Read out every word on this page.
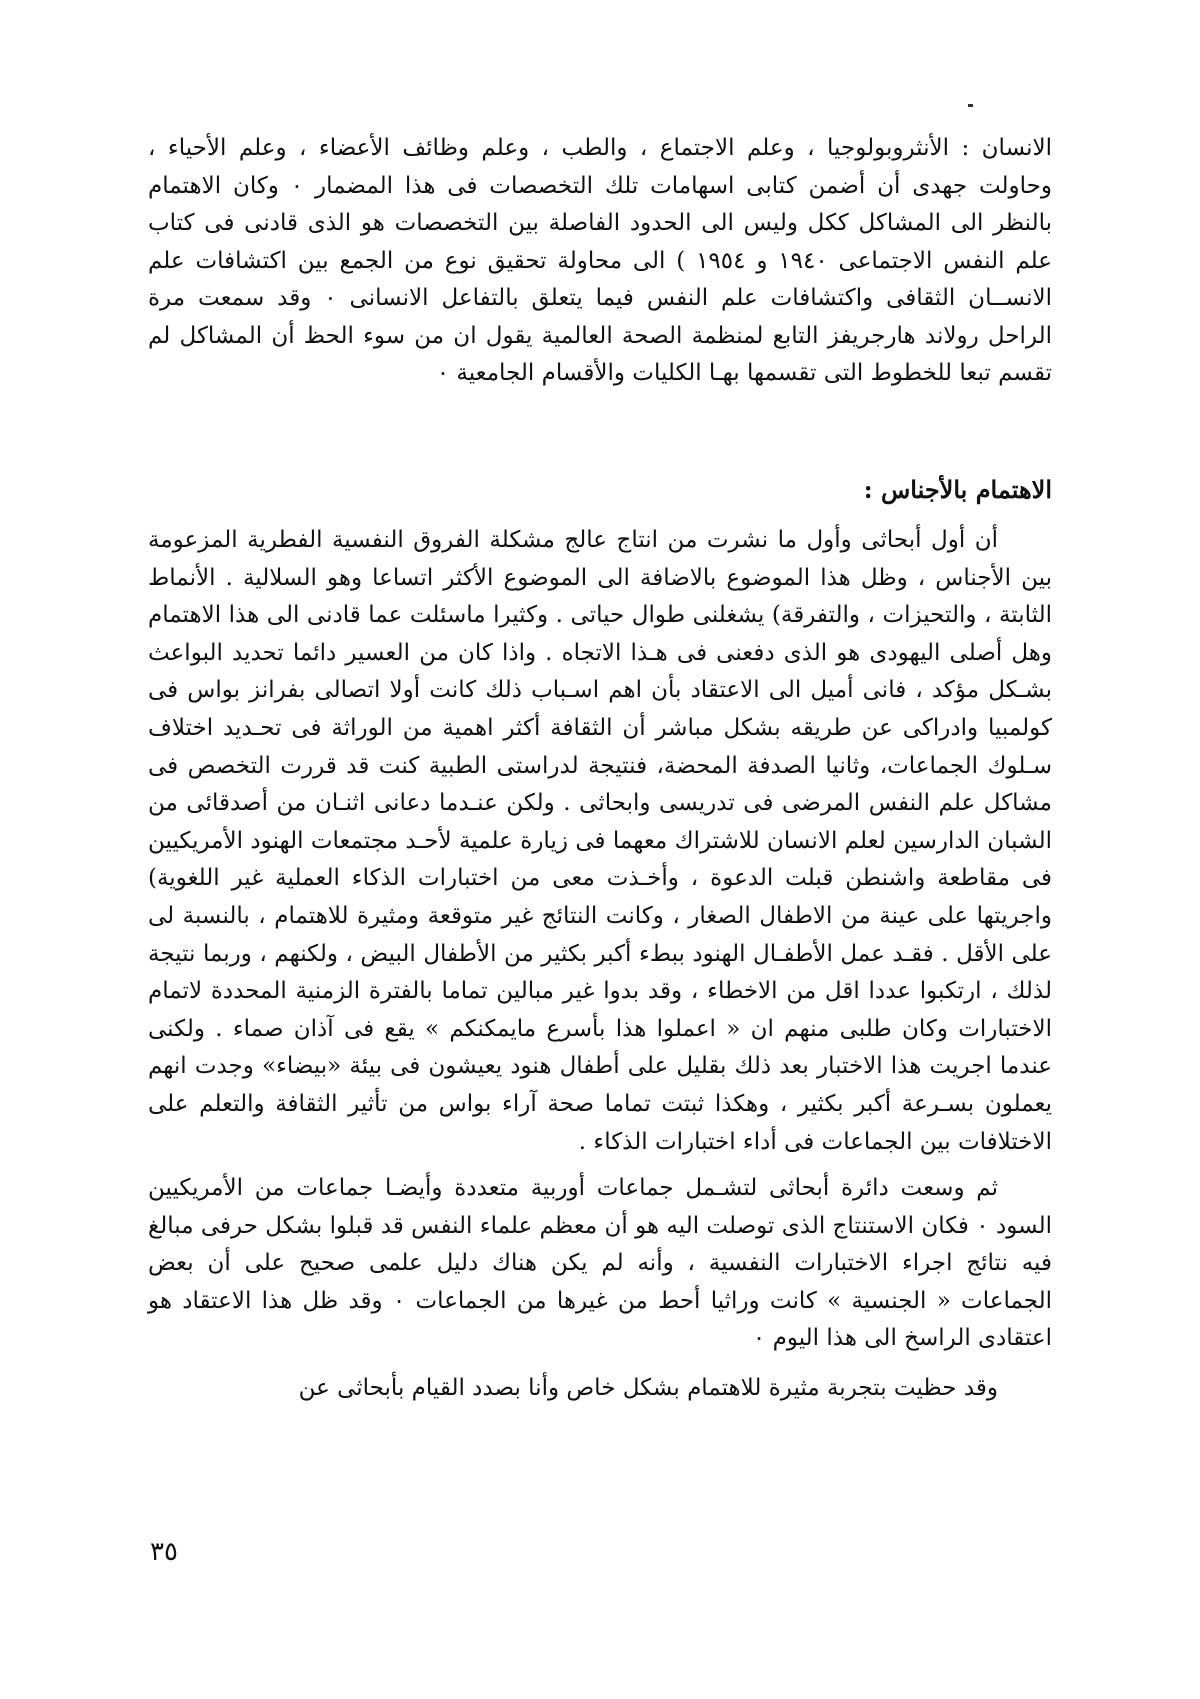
الانسان : الأنثروبولوجيا ، وعلم الاجتماع ، والطب ، وعلم وظائف الأعضاء ، وعلم الأحياء ، وحاولت جهدى أن أضمن كتابى اسهامات تلك التخصصات فى هذا المضمار ٠ وكان الاهتمام بالنظر الى المشاكل ككل وليس الى الحدود الفاصلة بين التخصصات هو الذى قادنى فى كتاب علم النفس الاجتماعى ١٩٤٠ و ١٩٥٤ ) الى محاولة تحقيق نوع من الجمع بين اكتشافات علم الانســان الثقافى واكتشافات علم النفس فيما يتعلق بالتفاعل الانسانى ٠ وقد سمعت مرة الراحل رولاند هارجريفز التابع لمنظمة الصحة العالمية يقول ان من سوء الحظ أن المشاكل لم تقسم تبعا للخطوط التى تقسمها بهـا الكليات والأقسام الجامعية ٠

الاهتمام بالأجناس :

أن أول أبحاثى وأول ما نشرت من انتاج عالج مشكلة الفروق النفسية الفطرية المزعومة بين الأجناس ، وظل هذا الموضوع بالاضافة الى الموضوع الأكثر اتساعا وهو السلالية . الأنماط الثابتة ، والتحيزات ، والتفرقة) يشغلنى طوال حياتى . وكثيرا ماسئلت عما قادنى الى هذا الاهتمام وهل أصلى اليهودى هو الذى دفعنى فى هـذا الاتجاه . واذا كان من العسير دائما تحديد البواعث بشـكل مؤكد ، فانى أميل الى الاعتقاد بأن اهم اسـباب ذلك كانت أولا اتصالى بفرانز بواس فى كولمبيا وادراكى عن طريقه بشكل مباشر أن الثقافة أكثر اهمية من الوراثة فى تحـديد اختلاف سـلوك الجماعات، وثانيا الصدفة المحضة، فنتيجة لدراستى الطبية كنت قد قررت التخصص فى مشاكل علم النفس المرضى فى تدريسى وابحاثى . ولكن عنـدما دعانى اثنـان من أصدقائى من الشبان الدارسين لعلم الانسان للاشتراك معهما فى زيارة علمية لأحـد مجتمعات الهنود الأمريكيين فى مقاطعة واشنطن قبلت الدعوة ، وأخـذت معى من اختبارات الذكاء العملية غير اللغوية) واجريتها على عينة من الاطفال الصغار ، وكانت النتائج غير متوقعة ومثيرة للاهتمام ، بالنسبة لى على الأقل . فقـد عمل الأطفـال الهنود ببطء أكبر بكثير من الأطفال البيض ، ولكنهم ، وربما نتيجة لذلك ، ارتكبوا عددا اقل من الاخطاء ، وقد بدوا غير مبالين تماما بالفترة الزمنية المحددة لاتمام الاختبارات وكان طلبى منهم ان « اعملوا هذا بأسرع مايمكنكم » يقع فى آذان صماء . ولكنى عندما اجريت هذا الاختبار بعد ذلك بقليل على أطفال هنود يعيشون فى بيئة «بيضاء» وجدت انهم يعملون بسـرعة أكبر بكثير ، وهكذا ثبتت تماما صحة آراء بواس من تأثير الثقافة والتعلم على الاختلافات بين الجماعات فى أداء اختبارات الذكاء .

ثم وسعت دائرة أبحاثى لتشـمل جماعات أوربية متعددة وأيضـا جماعات من الأمريكيين السود ٠ فكان الاستنتاج الذى توصلت اليه هو أن معظم علماء النفس قد قبلوا بشكل حرفى مبالغ فيه نتائج اجراء الاختبارات النفسية ، وأنه لم يكن هناك دليل علمى صحيح على أن بعض الجماعات « الجنسية » كانت وراثيا أحط من غيرها من الجماعات ٠ وقد ظل هذا الاعتقاد هو اعتقادى الراسخ الى هذا اليوم ٠

وقد حظيت بتجربة مثيرة للاهتمام بشكل خاص وأنا بصدد القيام بأبحاثى عن

٣٥
